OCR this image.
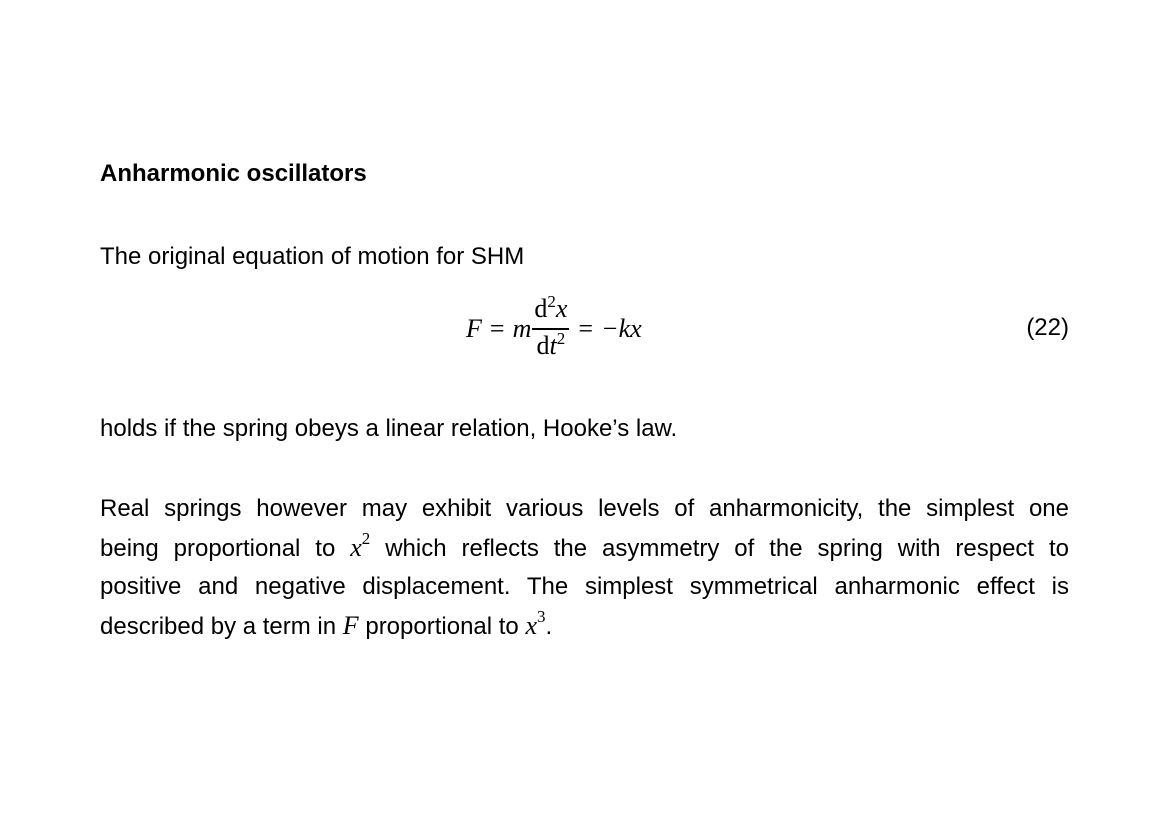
Anharmonic oscillators
The original equation of motion for SHM
F = m $\frac{d^2x}{dt^2} = -kx$	(22)
holds if the spring obeys a linear relation, Hooke’s law.
Real springs however may exhibit various levels of anharmonicity, the simplest one
being proportional to $x^2$ which reflects the asymmetry of the spring with respect to
positive and negative displacement. The simplest symmetrical anharmonic effect is
described by a term in F proportional to $x^3$.
